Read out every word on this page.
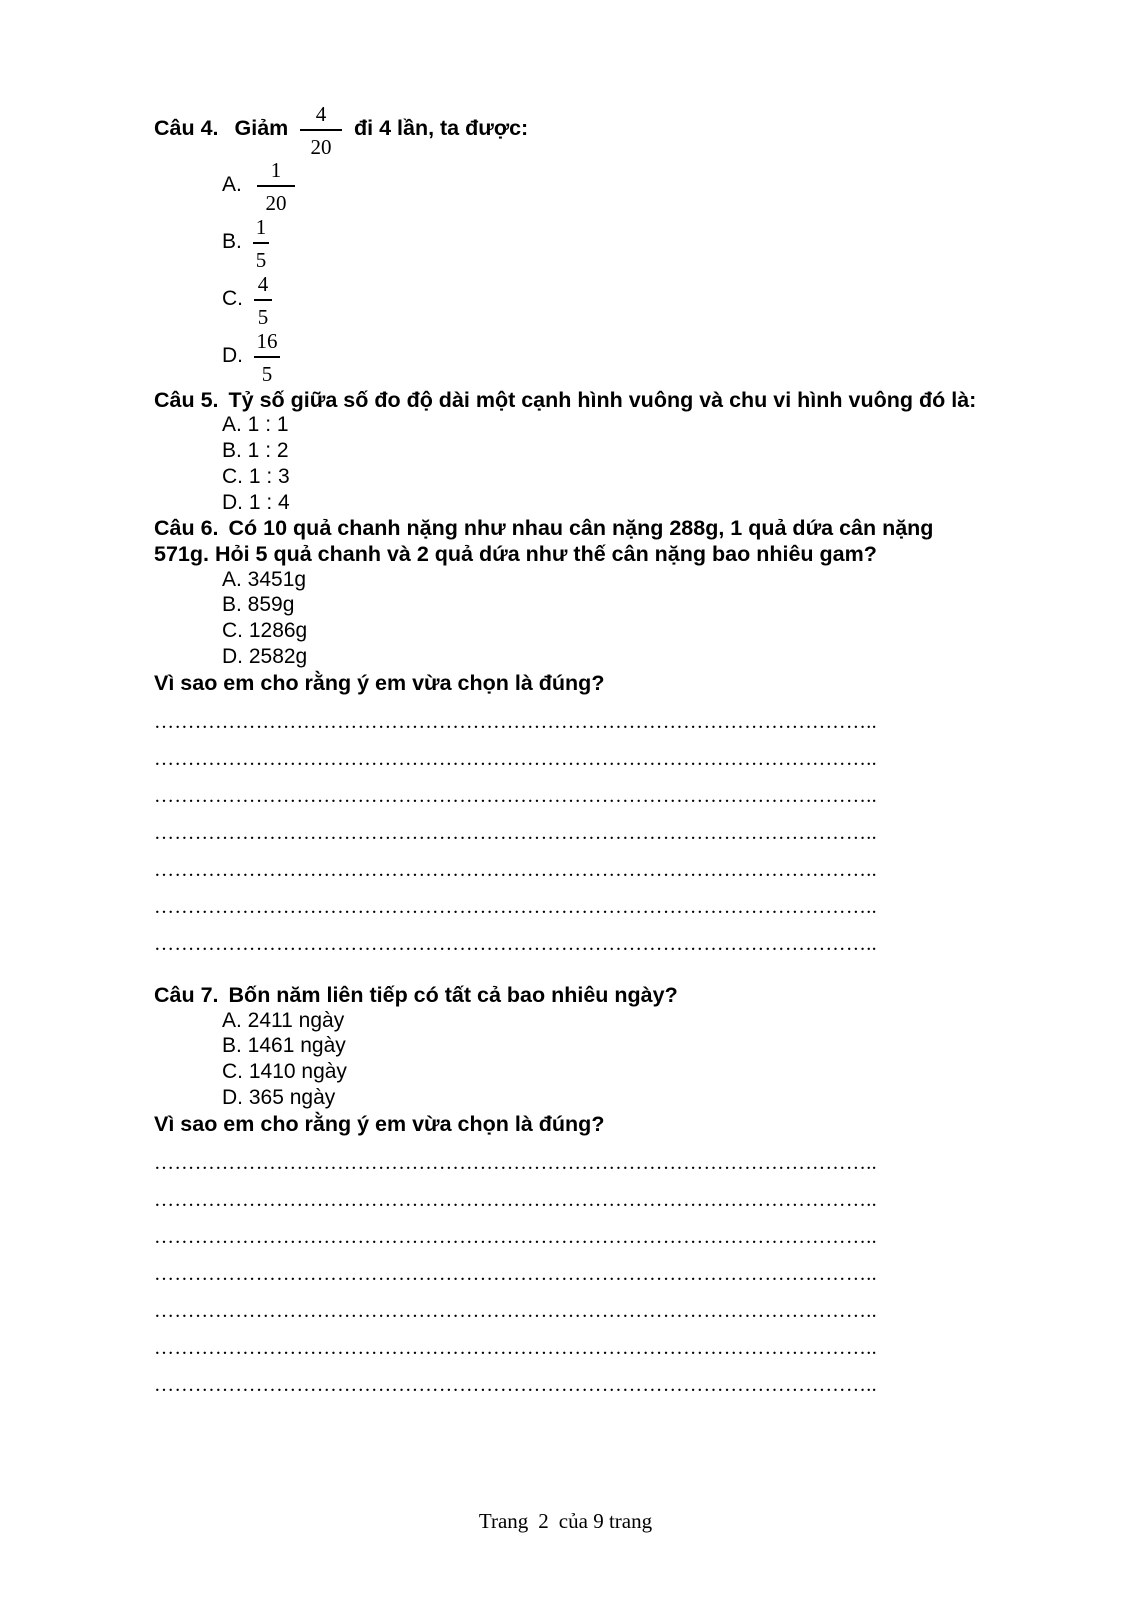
Câu 4. Giảm
4
20
đi 4 lần, ta được:
A.
1
20
B.
1
5
C.
4
5
D.
16
5
Câu 5. Tỷ số giữa số đo độ dài một cạnh hình vuông và chu vi hình vuông đó là:
A. 1 : 1
B. 1 : 2
C. 1 : 3
D. 1 : 4
Câu 6. Có 10 quả chanh nặng như nhau cân nặng 288g, 1 quả dứa cân nặng
571g. Hỏi 5 quả chanh và 2 quả dứa như thế cân nặng bao nhiêu gam?
A. 3451g
B. 859g
C. 1286g
D. 2582g
Vì sao em cho rằng ý em vừa chọn là đúng?
……………………………………………………………………………………………..
……………………………………………………………………………………………..
……………………………………………………………………………………………..
……………………………………………………………………………………………..
……………………………………………………………………………………………..
……………………………………………………………………………………………..
……………………………………………………………………………………………..
Câu 7. Bốn năm liên tiếp có tất cả bao nhiêu ngày?
A. 2411 ngày
B. 1461 ngày
C. 1410 ngày
D. 365 ngày
Vì sao em cho rằng ý em vừa chọn là đúng?
……………………………………………………………………………………………..
……………………………………………………………………………………………..
……………………………………………………………………………………………..
……………………………………………………………………………………………..
……………………………………………………………………………………………..
……………………………………………………………………………………………..
……………………………………………………………………………………………..
Trang 2 của 9 trang
